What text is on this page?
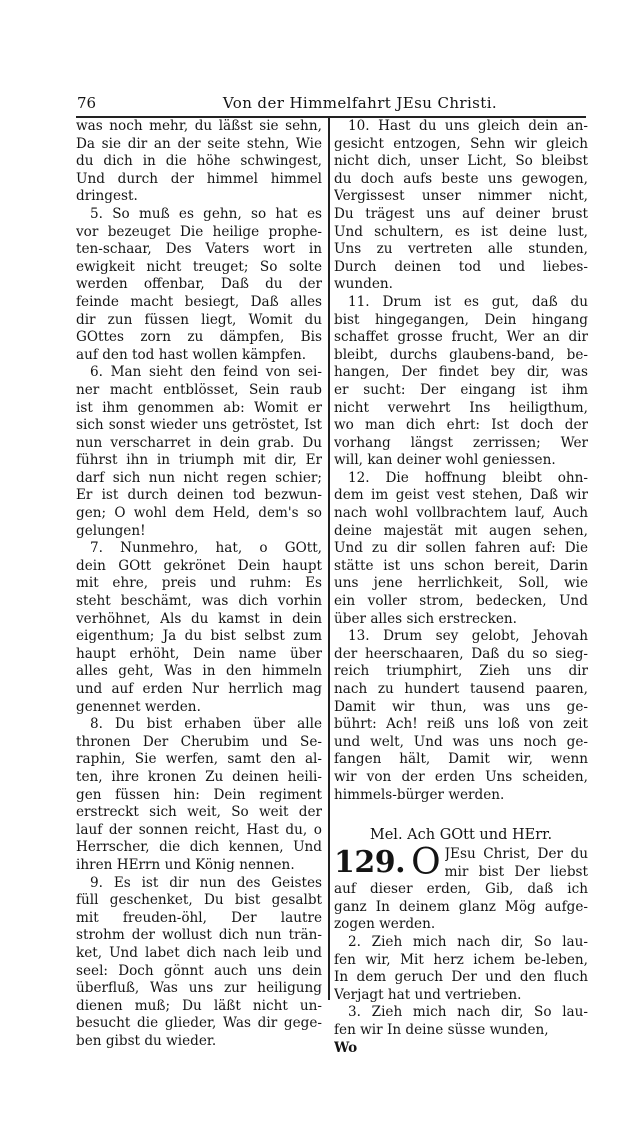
76	Von der Himmelfahrt JEsu Christi.
was noch mehr, du läßst sie sehn,
Da sie dir an der seite stehn, Wie
du dich in die höhe schwingest,
Und durch der himmel himmel
dringest.
5. So muß es gehn, so hat es
vor bezeuget Die heilige prophe-
ten-schaar, Des Vaters wort in
ewigkeit nicht treuget; So solte
werden offenbar, Daß du der
feinde macht besiegt, Daß alles
dir zun füssen liegt, Womit du
GOttes zorn zu dämpfen, Bis
auf den tod hast wollen kämpfen.
6. Man sieht den feind von sei-
ner macht entblösset, Sein raub
ist ihm genommen ab: Womit er
sich sonst wieder uns getröstet, Ist
nun verscharret in dein grab. Du
führst ihn in triumph mit dir, Er
darf sich nun nicht regen schier;
Er ist durch deinen tod bezwun-
gen; O wohl dem Held, dem's so
gelungen!
7. Nunmehro, hat, o GOtt,
dein GOtt gekrönet Dein haupt
mit ehre, preis und ruhm: Es
steht beschämt, was dich vorhin
verhöhnet, Als du kamst in dein
eigenthum; Ja du bist selbst zum
haupt erhöht, Dein name über
alles geht, Was in den himmeln
und auf erden Nur herrlich mag
genennet werden.
8. Du bist erhaben über alle
thronen Der Cherubim und Se-
raphin, Sie werfen, samt den al-
ten, ihre kronen Zu deinen heili-
gen füssen hin: Dein regiment
erstreckt sich weit, So weit der
lauf der sonnen reicht, Hast du, o
Herrscher, die dich kennen, Und
ihren HErrn und König nennen.
9. Es ist dir nun des Geistes
füll geschenket, Du bist gesalbt
mit freuden-öhl, Der lautre
strohm der wollust dich nun trän-
ket, Und labet dich nach leib und
seel: Doch gönnt auch uns dein
überfluß, Was uns zur heiligung
dienen muß; Du läßt nicht un-
besucht die glieder, Was dir gege-
ben gibst du wieder.
10. Hast du uns gleich dein an-
gesicht entzogen, Sehn wir gleich
nicht dich, unser Licht, So bleibst
du doch aufs beste uns gewogen,
Vergissest unser nimmer nicht,
Du trägest uns auf deiner brust
Und schultern, es ist deine lust,
Uns zu vertreten alle stunden,
Durch deinen tod und liebes-
wunden.
11. Drum ist es gut, daß du
bist hingegangen, Dein hingang
schaffet grosse frucht, Wer an dir
bleibt, durchs glaubens-band, be-
hangen, Der findet bey dir, was
er sucht: Der eingang ist ihm
nicht verwehrt Ins heiligthum,
wo man dich ehrt: Ist doch der
vorhang längst zerrissen; Wer
will, kan deiner wohl geniessen.
12. Die hoffnung bleibt ohn-
dem im geist vest stehen, Daß wir
nach wohl vollbrachtem lauf, Auch
deine majestät mit augen sehen,
Und zu dir sollen fahren auf: Die
stätte ist uns schon bereit, Darin
uns jene herrlichkeit, Soll, wie
ein voller strom, bedecken, Und
über alles sich erstrecken.
13. Drum sey gelobt, Jehovah
der heerschaaren, Daß du so sieg-
reich triumphirt, Zieh uns dir
nach zu hundert tausend paaren,
Damit wir thun, was uns ge-
bührt: Ach! reiß uns loß von zeit
und welt, Und was uns noch ge-
fangen hält, Damit wir, wenn
wir von der erden Uns scheiden,
himmels-bürger werden.
Mel. Ach GOtt und HErr.
129. O JEsu Christ, Der du
mir bist Der liebst
auf dieser erden, Gib, daß ich
ganz In deinem glanz Mög aufge-
zogen werden.
2. Zieh mich nach dir, So lau-
fen wir, Mit herz ichem be-leben,
In dem geruch Der und den fluch
Verjagt hat und vertrieben.
3. Zieh mich nach dir, So lau-
fen wir In deine süsse wunden,
Wo
